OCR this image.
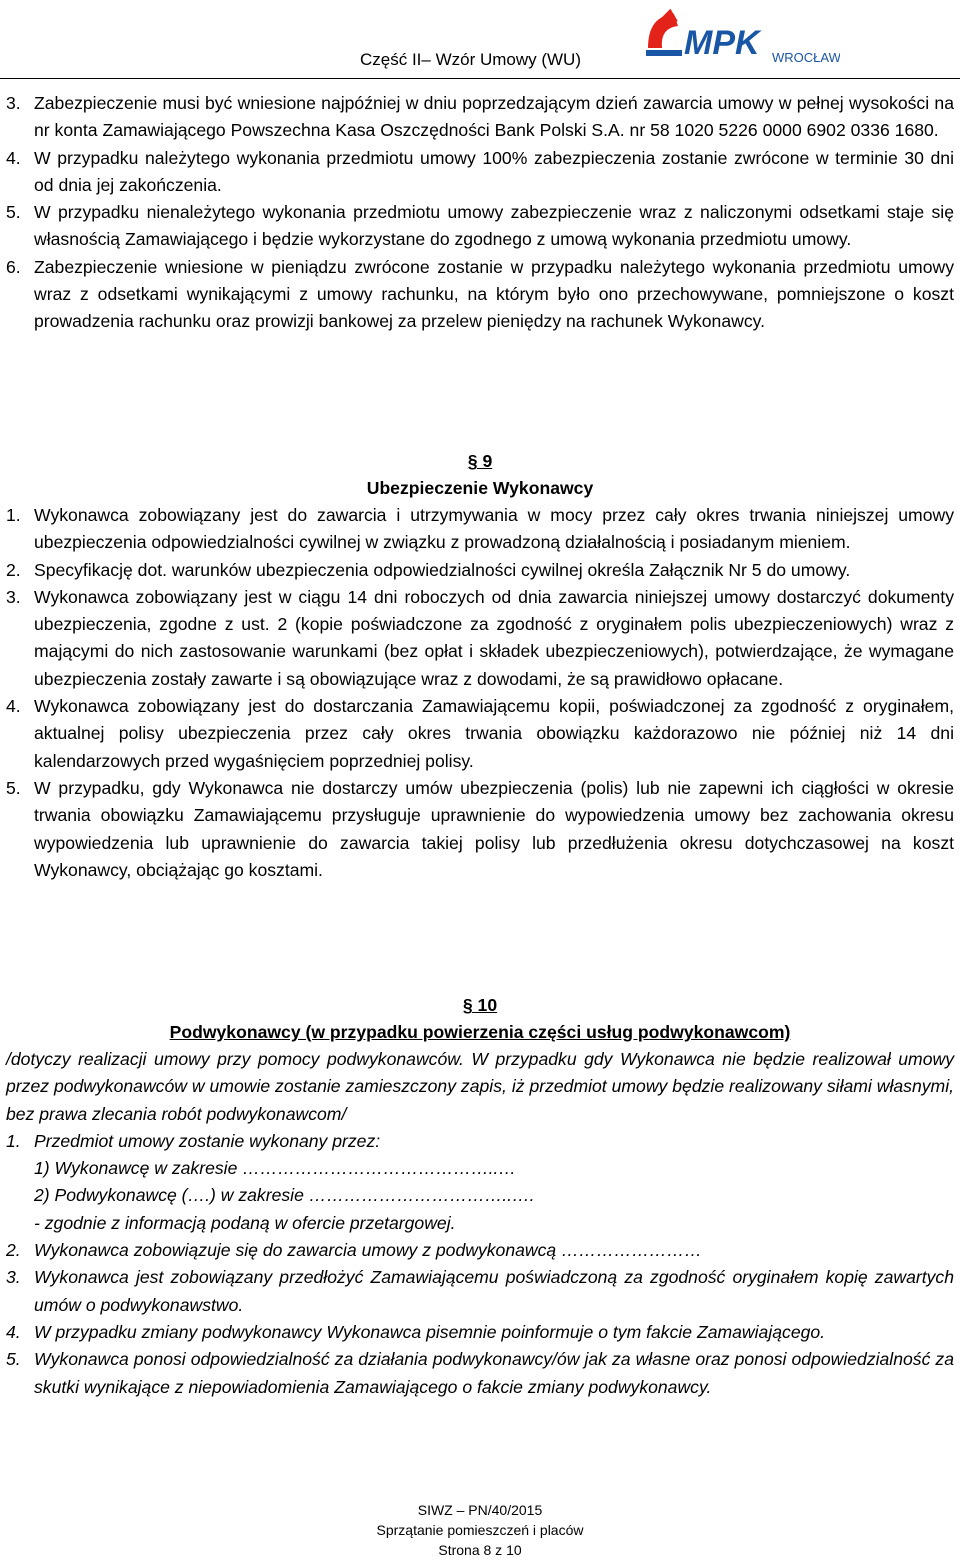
Część II– Wzór Umowy (WU)	MPK WROCŁAW
3. Zabezpieczenie musi być wniesione najpóźniej w dniu poprzedzającym dzień zawarcia umowy w pełnej wysokości na nr konta Zamawiającego Powszechna Kasa Oszczędności Bank Polski S.A. nr 58 1020 5226 0000 6902 0336 1680.
4. W przypadku należytego wykonania przedmiotu umowy 100% zabezpieczenia zostanie zwrócone w terminie 30 dni od dnia jej zakończenia.
5. W przypadku nienależytego wykonania przedmiotu umowy zabezpieczenie wraz z naliczonymi odsetkami staje się własnością Zamawiającego i będzie wykorzystane do zgodnego z umową wykonania przedmiotu umowy.
6. Zabezpieczenie wniesione w pieniądzu zwrócone zostanie w przypadku należytego wykonania przedmiotu umowy wraz z odsetkami wynikającymi z umowy rachunku, na którym było ono przechowywane, pomniejszone o koszt prowadzenia rachunku oraz prowizji bankowej za przelew pieniędzy na rachunek Wykonawcy.
§ 9
Ubezpieczenie Wykonawcy
1. Wykonawca zobowiązany jest do zawarcia i utrzymywania w mocy przez cały okres trwania niniejszej umowy ubezpieczenia odpowiedzialności cywilnej w związku z prowadzoną działalnością i posiadanym mieniem.
2. Specyfikację dot. warunków ubezpieczenia odpowiedzialności cywilnej określa Załącznik Nr 5 do umowy.
3. Wykonawca zobowiązany jest w ciągu 14 dni roboczych od dnia zawarcia niniejszej umowy dostarczyć dokumenty ubezpieczenia, zgodne z ust. 2 (kopie poświadczone za zgodność z oryginałem polis ubezpieczeniowych) wraz z mającymi do nich zastosowanie warunkami (bez opłat i składek ubezpieczeniowych), potwierdzające, że wymagane ubezpieczenia zostały zawarte i są obowiązujące wraz z dowodami, że są prawidłowo opłacane.
4. Wykonawca zobowiązany jest do dostarczania Zamawiającemu kopii, poświadczonej za zgodność z oryginałem, aktualnej polisy ubezpieczenia przez cały okres trwania obowiązku każdorazowo nie później niż 14 dni kalendarzowych przed wygaśnięciem poprzedniej polisy.
5. W przypadku, gdy Wykonawca nie dostarczy umów ubezpieczenia (polis) lub nie zapewni ich ciągłości w okresie trwania obowiązku Zamawiającemu przysługuje uprawnienie do wypowiedzenia umowy bez zachowania okresu wypowiedzenia lub uprawnienie do zawarcia takiej polisy lub przedłużenia okresu dotychczasowej na koszt Wykonawcy, obciążając go kosztami.
§ 10
Podwykonawcy (w przypadku powierzenia części usług podwykonawcom)
/dotyczy realizacji umowy przy pomocy podwykonawców. W przypadku gdy Wykonawca nie będzie realizował umowy przez podwykonawców w umowie zostanie zamieszczony zapis, iż przedmiot umowy będzie realizowany siłami własnymi, bez prawa zlecania robót podwykonawcom/
1. Przedmiot umowy zostanie wykonany przez:
1) Wykonawcę w zakresie ……………………………………..…
2) Podwykonawcę (….) w zakresie ……………………………..….
- zgodnie z informacją podaną w ofercie przetargowej.
2. Wykonawca zobowiązuje się do zawarcia umowy z podwykonawcą ……………………
3. Wykonawca jest zobowiązany przedłożyć Zamawiającemu poświadczoną za zgodność oryginałem kopię zawartych umów o podwykonawstwo.
4. W przypadku zmiany podwykonawcy Wykonawca pisemnie poinformuje o tym fakcie Zamawiającego.
5. Wykonawca ponosi odpowiedzialność za działania podwykonawcy/ów jak za własne oraz ponosi odpowiedzialność za skutki wynikające z niepowiadomienia Zamawiającego o fakcie zmiany podwykonawcy.
SIWZ – PN/40/2015
Sprzątanie pomieszczeń i placów
Strona 8 z 10
